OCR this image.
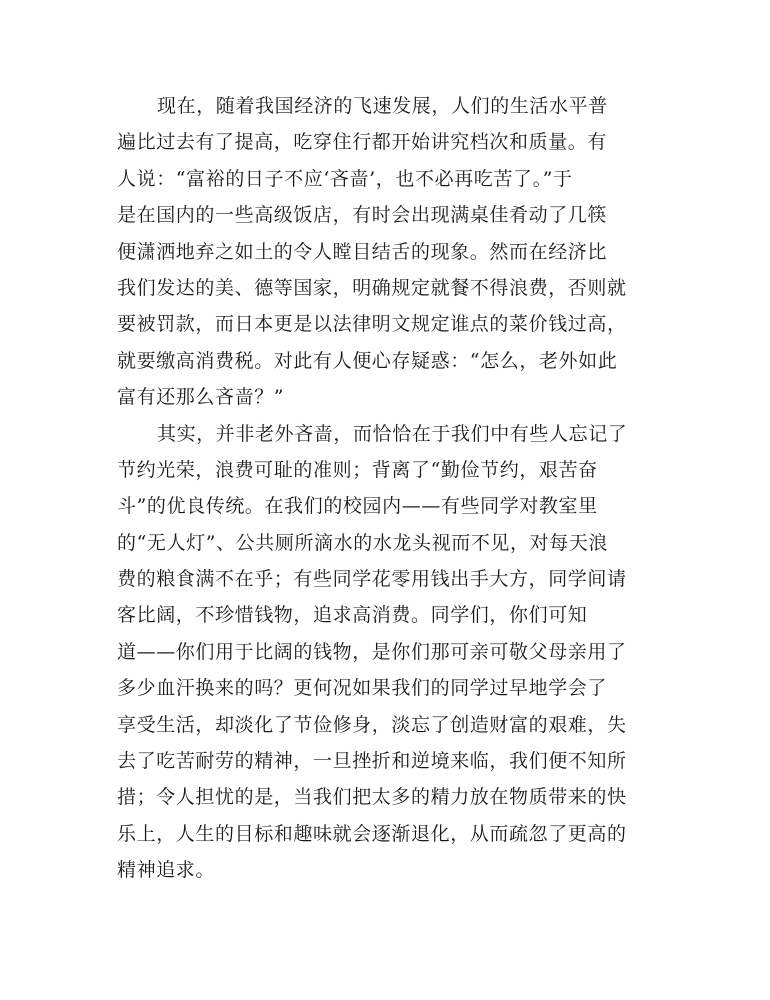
现在，随着我国经济的飞速发展，人们的生活水平普
遍比过去有了提高，吃穿住行都开始讲究档次和质量。有
人说：“富裕的日子不应‘吝啬’，也不必再吃苦了。”于
是在国内的一些高级饭店，有时会出现满桌佳肴动了几筷
便潇洒地弃之如土的令人瞠目结舌的现象。然而在经济比
我们发达的美、德等国家，明确规定就餐不得浪费，否则就
要被罚款，而日本更是以法律明文规定谁点的菜价钱过高，
就要缴高消费税。对此有人便心存疑惑：“怎么，老外如此
富有还那么吝啬？”
其实，并非老外吝啬，而恰恰在于我们中有些人忘记了
节约光荣，浪费可耻的准则；背离了“勤俭节约，艰苦奋
斗”的优良传统。在我们的校园内——有些同学对教室里
的“无人灯”、公共厕所滴水的水龙头视而不见，对每天浪
费的粮食满不在乎；有些同学花零用钱出手大方，同学间请
客比阔，不珍惜钱物，追求高消费。同学们，你们可知
道——你们用于比阔的钱物，是你们那可亲可敬父母亲用了
多少血汗换来的吗？更何况如果我们的同学过早地学会了
享受生活，却淡化了节俭修身，淡忘了创造财富的艰难，失
去了吃苦耐劳的精神，一旦挫折和逆境来临，我们便不知所
措；令人担忧的是，当我们把太多的精力放在物质带来的快
乐上，人生的目标和趣味就会逐渐退化，从而疏忽了更高的
精神追求。
